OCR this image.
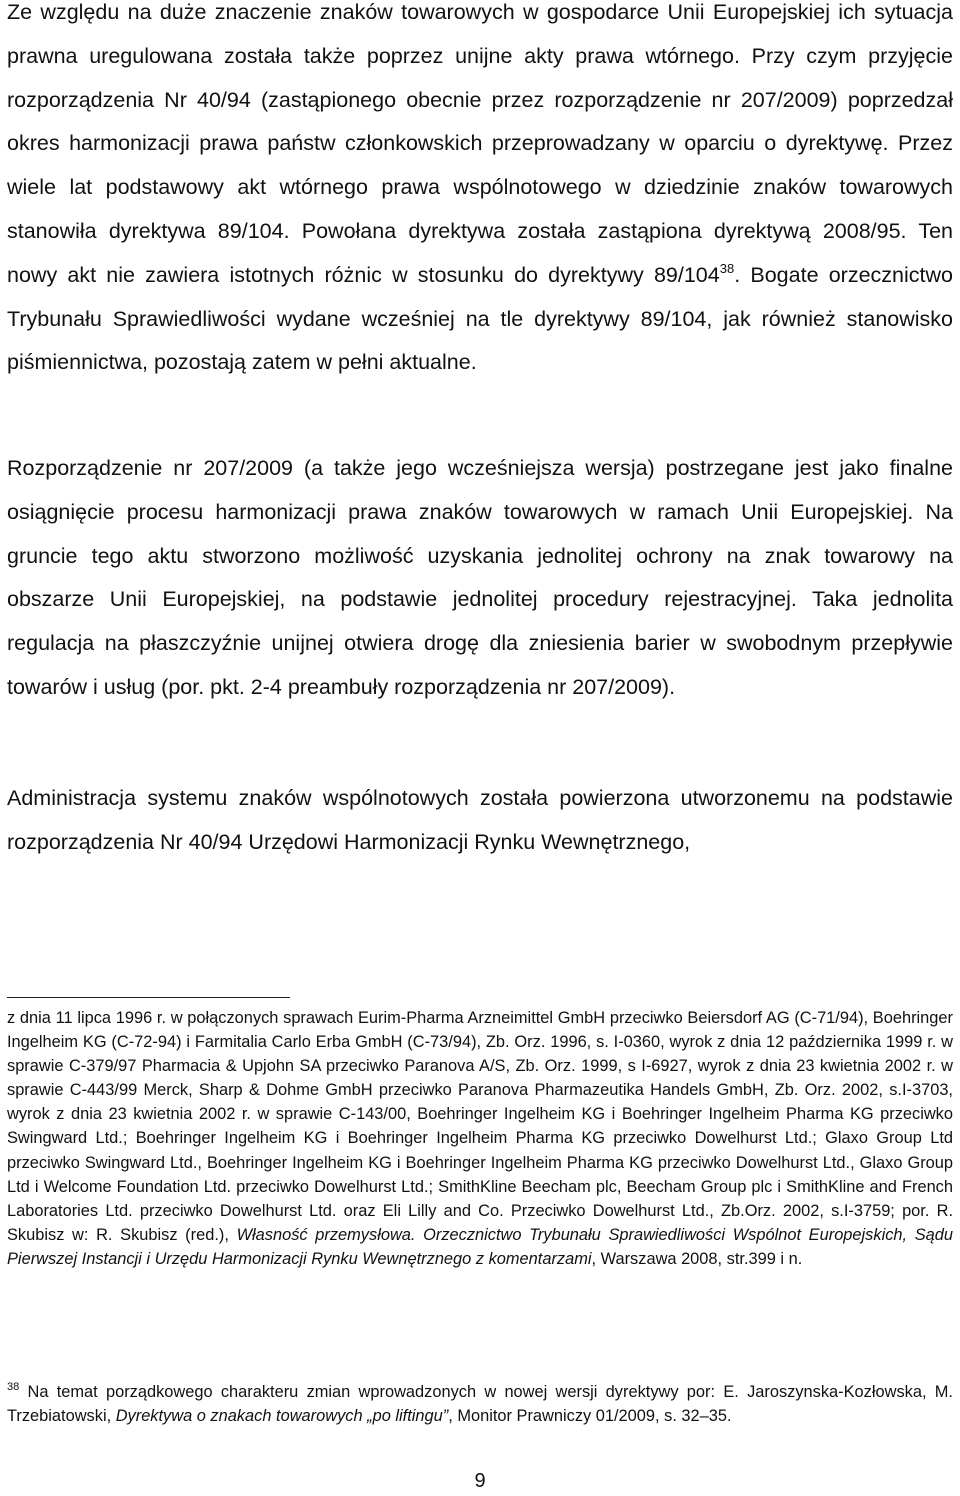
Ze względu na duże znaczenie znaków towarowych w gospodarce Unii Europejskiej ich sytuacja prawna uregulowana została także poprzez unijne akty prawa wtórnego. Przy czym przyjęcie rozporządzenia Nr 40/94 (zastąpionego obecnie przez rozporządzenie nr 207/2009) poprzedzał okres harmonizacji prawa państw członkowskich przeprowadzany w oparciu o dyrektywę. Przez wiele lat podstawowy akt wtórnego prawa wspólnotowego w dziedzinie znaków towarowych stanowiła dyrektywa 89/104. Powołana dyrektywa została zastąpiona dyrektywą 2008/95. Ten nowy akt nie zawiera istotnych różnic w stosunku do dyrektywy $89/104^{38}$. Bogate orzecznictwo Trybunału Sprawiedliwości wydane wcześniej na tle dyrektywy 89/104, jak również stanowisko piśmiennictwa, pozostają zatem w pełni aktualne.

Rozporządzenie nr 207/2009 (a także jego wcześniejsza wersja) postrzegane jest jako finalne osiągnięcie procesu harmonizacji prawa znaków towarowych w ramach Unii Europejskiej. Na gruncie tego aktu stworzono możliwość uzyskania jednolitej ochrony na znak towarowy na obszarze Unii Europejskiej, na podstawie jednolitej procedury rejestracyjnej. Taka jednolita regulacja na płaszczyźnie unijnej otwiera drogę dla zniesienia barier w swobodnym przepływie towarów i usług (por. pkt. 2-4 preambuły rozporządzenia nr 207/2009).

Administracja systemu znaków wspólnotowych została powierzona utworzonemu na podstawie rozporządzenia Nr 40/94 Urzędowi Harmonizacji Rynku Wewnętrznego,

z dnia 11 lipca 1996 r. w połączonych sprawach Eurim-Pharma Arzneimittel GmbH przeciwko Beiersdorf AG (C-71/94), Boehringer Ingelheim KG (C-72-94) i Farmitalia Carlo Erba GmbH (C-73/94), Zb. Orz. 1996, s. I-0360, wyrok z dnia 12 października 1999 r. w sprawie C-379/97 Pharmacia & Upjohn SA przeciwko Paranova A/S, Zb. Orz. 1999, s I-6927, wyrok z dnia 23 kwietnia 2002 r. w sprawie C-443/99 Merck, Sharp & Dohme GmbH przeciwko Paranova Pharmazeutika Handels GmbH, Zb. Orz. 2002, s.I-3703, wyrok z dnia 23 kwietnia 2002 r. w sprawie C-143/00, Boehringer Ingelheim KG i Boehringer Ingelheim Pharma KG przeciwko Swingward Ltd.; Boehringer Ingelheim KG i Boehringer Ingelheim Pharma KG przeciwko Dowelhurst Ltd.; Glaxo Group Ltd przeciwko Swingward Ltd., Boehringer Ingelheim KG i Boehringer Ingelheim Pharma KG przeciwko Dowelhurst Ltd., Glaxo Group Ltd i Welcome Foundation Ltd. przeciwko Dowelhurst Ltd.; SmithKline Beecham plc, Beecham Group plc i SmithKline and French Laboratories Ltd. przeciwko Dowelhurst Ltd. oraz Eli Lilly and Co. Przeciwko Dowelhurst Ltd., Zb.Orz. 2002, s.I-3759; por. R. Skubisz w: R. Skubisz (red.), Własność przemysłowa. Orzecznictwo Trybunału Sprawiedliwości Wspólnot Europejskich, Sądu Pierwszej Instancji i Urzędu Harmonizacji Rynku Wewnętrznego z komentarzami, Warszawa 2008, str.399 i n.

$^{38}$ Na temat porządkowego charakteru zmian wprowadzonych w nowej wersji dyrektywy por: E. Jaroszynska-Kozłowska, M. Trzebiatowski, Dyrektywa o znakach towarowych „po liftingu”, Monitor Prawniczy 01/2009, s. 32–35.

9
